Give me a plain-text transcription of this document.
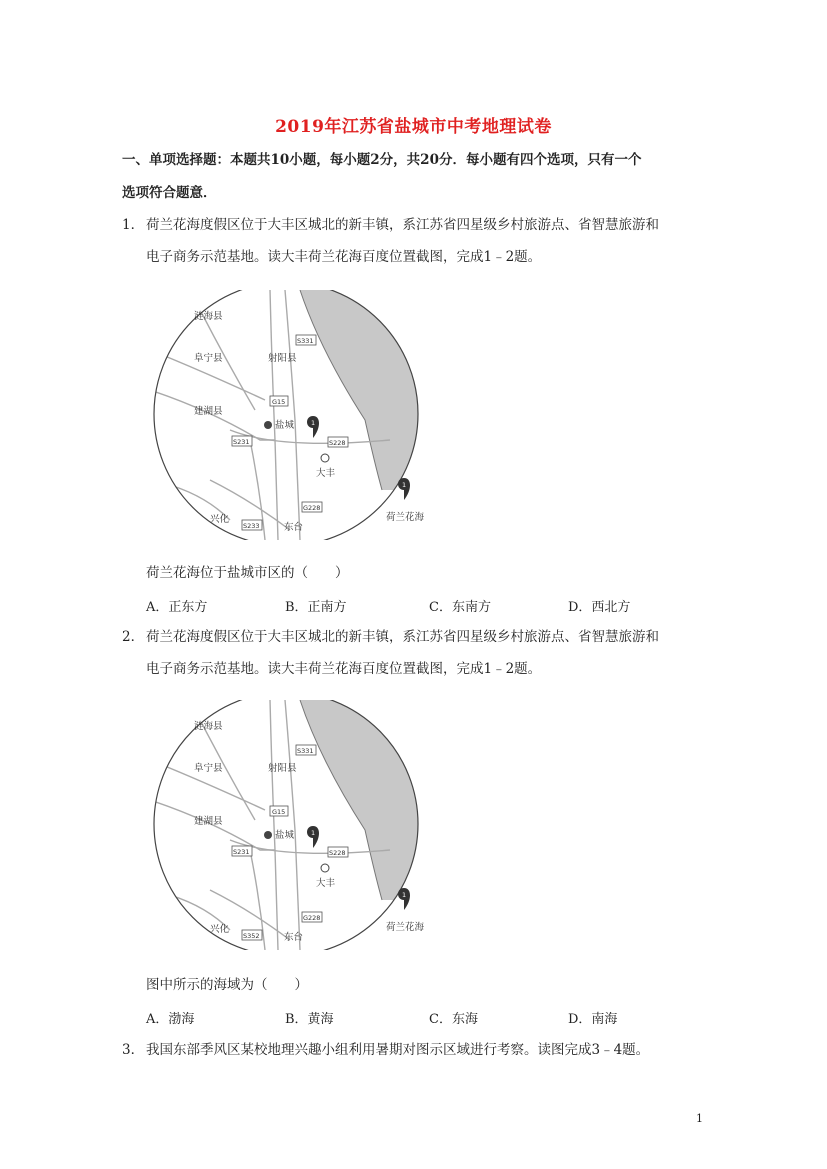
2019年江苏省盐城市中考地理试卷
一、单项选择题：本题共10小题，每小题2分，共20分．每小题有四个选项，只有一个
选项符合题意．
1． 荷兰花海度假区位于大丰区城北的新丰镇，系江苏省四星级乡村旅游点、省智慧旅游和
电子商务示范基地。读大丰荷兰花海百度位置截图，完成1﹣2题。
涟海县
阜宁县	射阳县
建湖县
盐城
大丰
兴化
东台
荷兰花海
S331
G15
S231	S228
G228
S233
1
1
荷兰花海位于盐城市区的（　　）
A．正东方	B．正南方	C．东南方	D．西北方
2． 荷兰花海度假区位于大丰区城北的新丰镇，系江苏省四星级乡村旅游点、省智慧旅游和
电子商务示范基地。读大丰荷兰花海百度位置截图，完成1﹣2题。
涟海县
阜宁县	射阳县
建湖县
盐城
大丰
兴化
东台
荷兰花海
S331
G15
S231	S228
G228
S352
1
1
图中所示的海域为（　　）
A．渤海	B．黄海	C．东海	D．南海
3． 我国东部季风区某校地理兴趣小组利用暑期对图示区域进行考察。读图完成3﹣4题。
1
